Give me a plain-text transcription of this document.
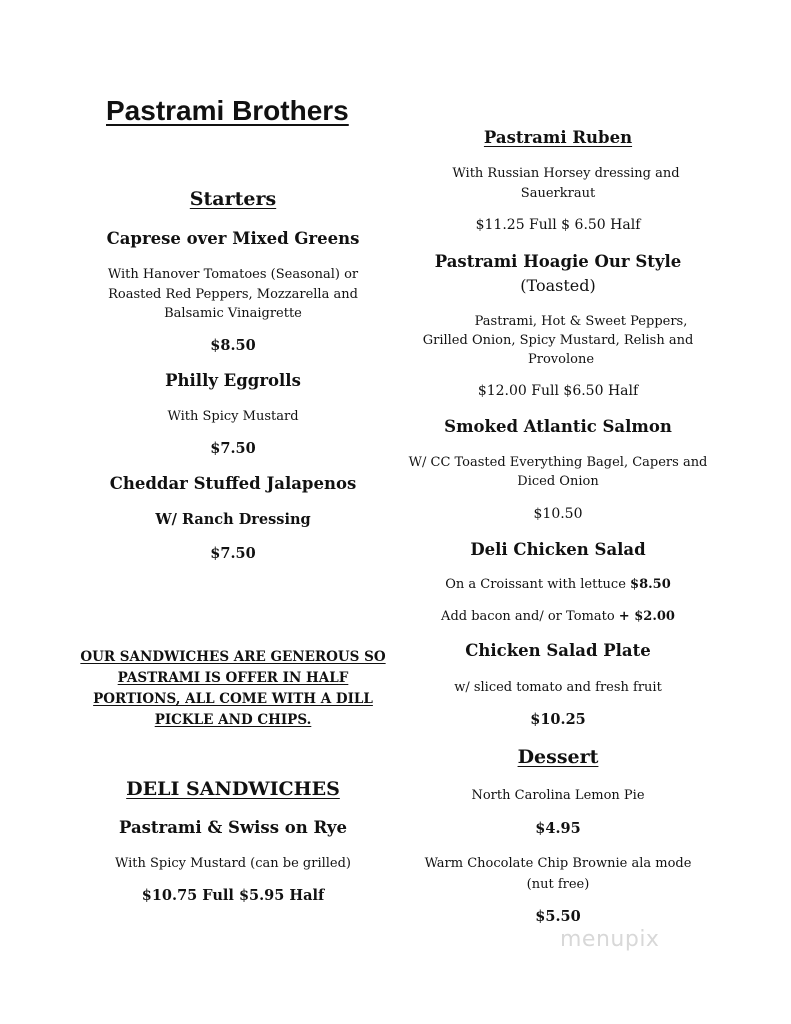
Pastrami Brothers
Starters
Caprese over Mixed Greens
With Hanover Tomatoes (Seasonal) or
Roasted Red Peppers, Mozzarella and
Balsamic Vinaigrette
$8.50
Philly Eggrolls
With Spicy Mustard
$7.50
Cheddar Stuffed Jalapenos
W/ Ranch Dressing
$7.50
OUR SANDWICHES ARE GENEROUS SO
PASTRAMI IS OFFER IN HALF
PORTIONS, ALL COME WITH A DILL
PICKLE AND CHIPS.
DELI SANDWICHES
Pastrami & Swiss on Rye
With Spicy Mustard (can be grilled)
$10.75 Full $5.95 Half
Pastrami Ruben
With Russian Horsey dressing and
Sauerkraut
$11.25 Full $ 6.50 Half
Pastrami Hoagie Our Style
(Toasted)
Pastrami, Hot & Sweet Peppers,
Grilled Onion, Spicy Mustard, Relish and
Provolone
$12.00 Full $6.50 Half
Smoked Atlantic Salmon
W/ CC Toasted Everything Bagel, Capers and
Diced Onion
$10.50
Deli Chicken Salad
On a Croissant with lettuce $8.50
Add bacon and/ or Tomato + $2.00
Chicken Salad Plate
w/ sliced tomato and fresh fruit
$10.25
Dessert
North Carolina Lemon Pie
$4.95
Warm Chocolate Chip Brownie ala mode
(nut free)
$5.50
menupix
